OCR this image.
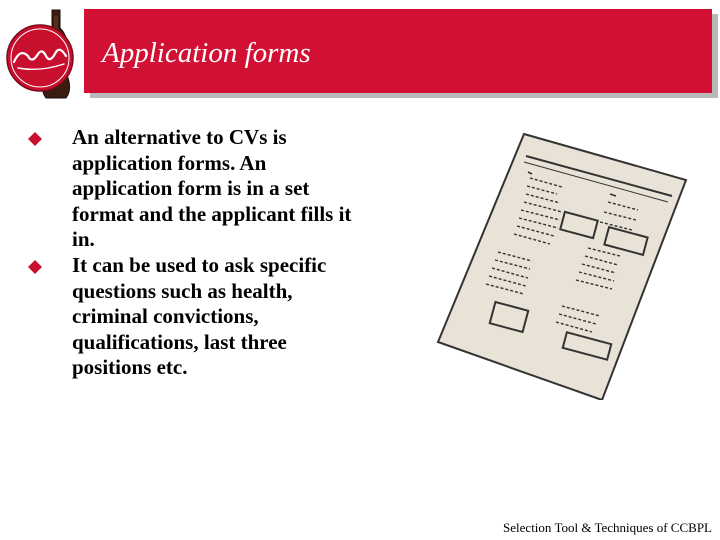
Application forms
An alternative to CVs is application forms. An application form is in a set format and the applicant fills it in.
It can be used to ask specific questions such as health, criminal convictions, qualifications, last three positions etc.
Selection Tool & Techniques of CCBPL
